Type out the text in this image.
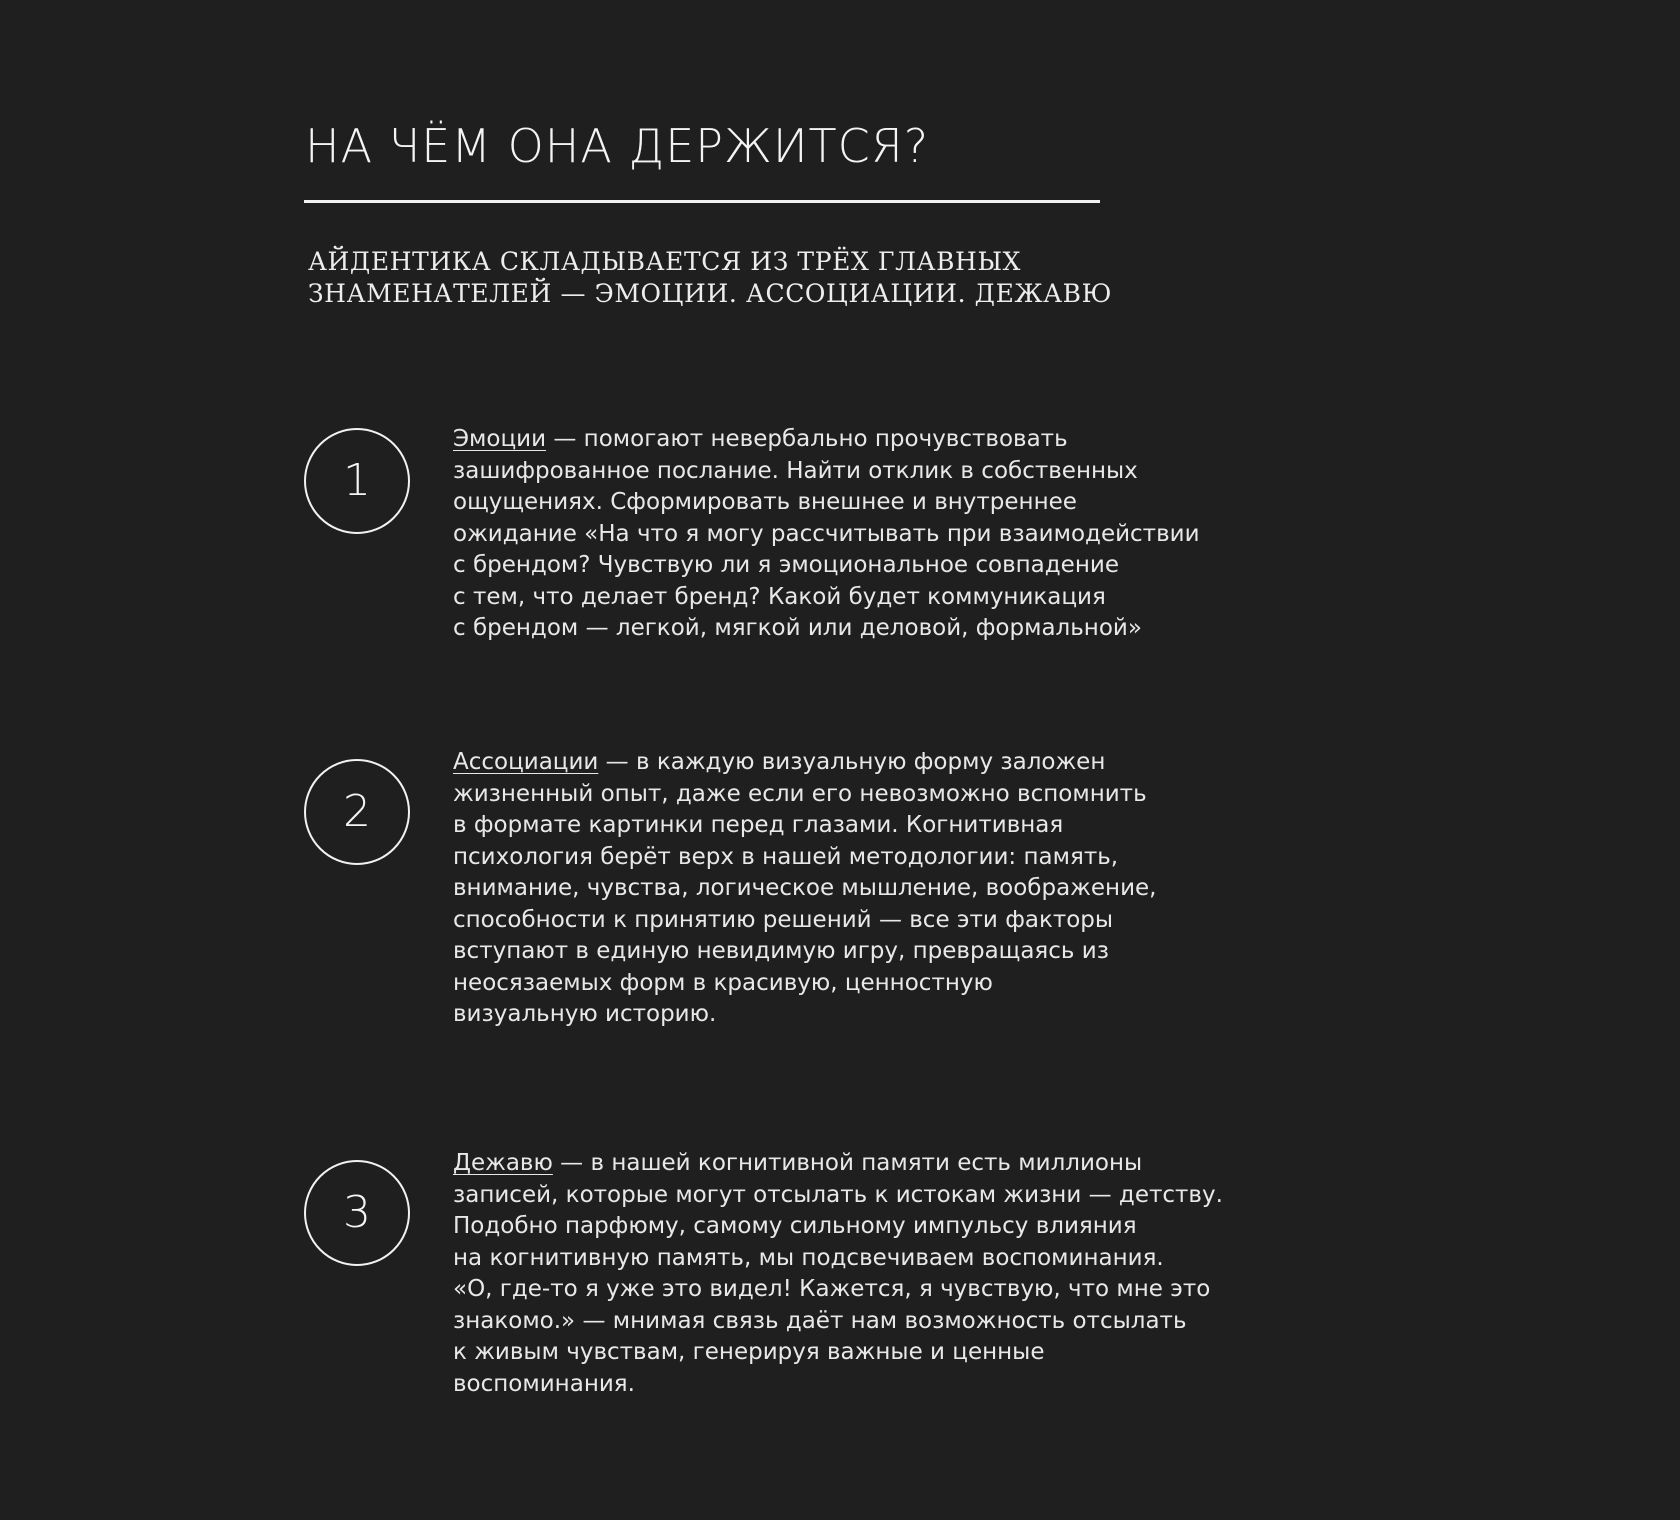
НА ЧЁМ ОНА ДЕРЖИТСЯ?
АЙДЕНТИКА СКЛАДЫВАЕТСЯ ИЗ ТРЁХ ГЛАВНЫХ
ЗНАМЕНАТЕЛЕЙ — ЭМОЦИИ. АССОЦИАЦИИ. ДЕЖАВЮ
1

Эмоции — помогают невербально прочувствовать
зашифрованное послание. Найти отклик в собственных
ощущениях. Сформировать внешнее и внутреннее
ожидание «На что я могу рассчитывать при взаимодействии
с брендом? Чувствую ли я эмоциональное совпадение
с тем, что делает бренд? Какой будет коммуникация
с брендом — легкой, мягкой или деловой, формальной»

2

Ассоциации — в каждую визуальную форму заложен
жизненный опыт, даже если его невозможно вспомнить
в формате картинки перед глазами. Когнитивная
психология берёт верх в нашей методологии: память,
внимание, чувства, логическое мышление, воображение,
способности к принятию решений — все эти факторы
вступают в единую невидимую игру, превращаясь из
неосязаемых форм в красивую, ценностную
визуальную историю.

3

Дежавю — в нашей когнитивной памяти есть миллионы
записей, которые могут отсылать к истокам жизни — детству.
Подобно парфюму, самому сильному импульсу влияния
на когнитивную память, мы подсвечиваем воспоминания.
«О, где-то я уже это видел! Кажется, я чувствую, что мне это
знакомо.» — мнимая связь даёт нам возможность отсылать
к живым чувствам, генерируя важные и ценные
воспоминания.
